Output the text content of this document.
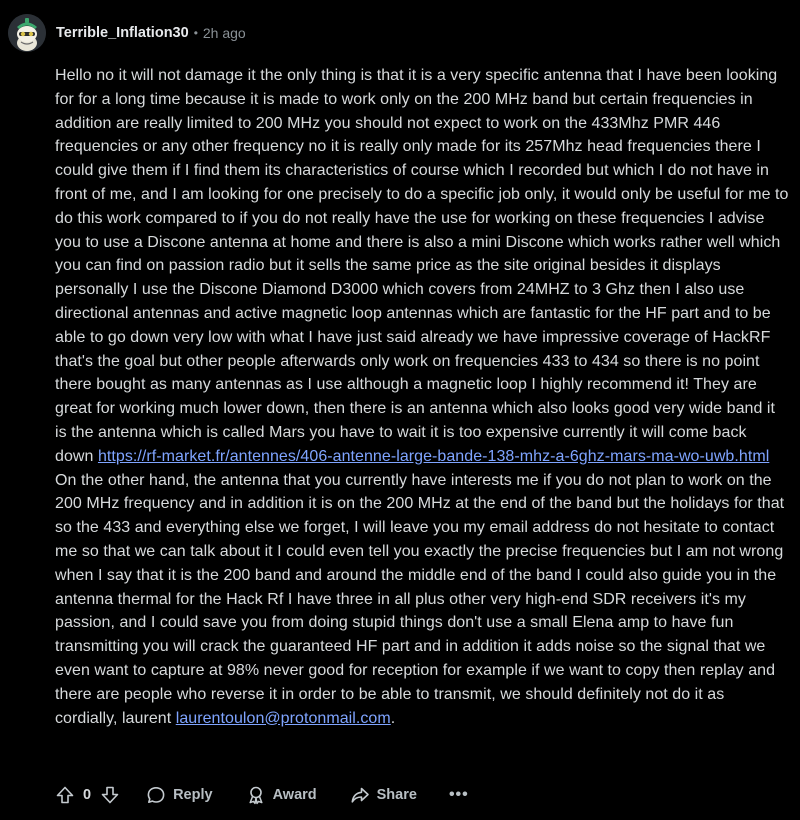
Terrible_Inflation30 • 2h ago
Hello no it will not damage it the only thing is that it is a very specific antenna that I have been looking for for a long time because it is made to work only on the 200 MHz band but certain frequencies in addition are really limited to 200 MHz you should not expect to work on the 433Mhz PMR 446 frequencies or any other frequency no it is really only made for its 257Mhz head frequencies there I could give them if I find them its characteristics of course which I recorded but which I do not have in front of me, and I am looking for one precisely to do a specific job only, it would only be useful for me to do this work compared to if you do not really have the use for working on these frequencies I advise you to use a Discone antenna at home and there is also a mini Discone which works rather well which you can find on passion radio but it sells the same price as the site original besides it displays personally I use the Discone Diamond D3000 which covers from 24MHZ to 3 Ghz then I also use directional antennas and active magnetic loop antennas which are fantastic for the HF part and to be able to go down very low with what I have just said already we have impressive coverage of HackRF that's the goal but other people afterwards only work on frequencies 433 to 434 so there is no point there bought as many antennas as I use although a magnetic loop I highly recommend it! They are great for working much lower down, then there is an antenna which also looks good very wide band it is the antenna which is called Mars you have to wait it is too expensive currently it will come back down https://rf-market.fr/antennes/406-antenne-large-bande-138-mhz-a-6ghz-mars-ma-wo-uwb.html On the other hand, the antenna that you currently have interests me if you do not plan to work on the 200 MHz frequency and in addition it is on the 200 MHz at the end of the band but the holidays for that so the 433 and everything else we forget, I will leave you my email address do not hesitate to contact me so that we can talk about it I could even tell you exactly the precise frequencies but I am not wrong when I say that it is the 200 band and around the middle end of the band I could also guide you in the antenna thermal for the Hack Rf I have three in all plus other very high-end SDR receivers it's my passion, and I could save you from doing stupid things don't use a small Elena amp to have fun transmitting you will crack the guaranteed HF part and in addition it adds noise so the signal that we even want to capture at 98% never good for reception for example if we want to copy then replay and there are people who reverse it in order to be able to transmit, we should definitely not do it as cordially, laurent laurentoulon@protonmail.com.
0	Reply	Award	Share •••
